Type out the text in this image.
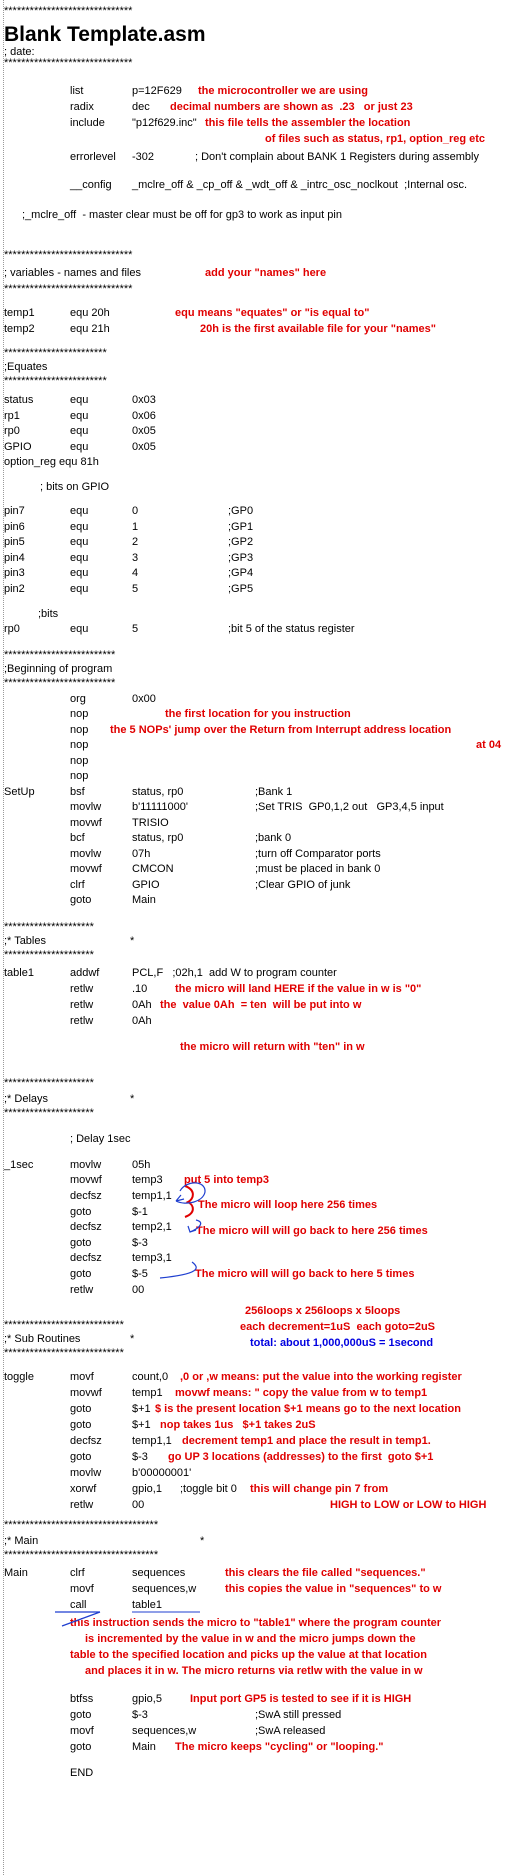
******************************
Blank Template.asm
; date:
******************************
list	p=12F629 the microcontroller we are using
radix	dec decimal numbers are shown as  .23   or just 23
include "p12f629.inc" this file tells the assembler the location
of files such as status, rp1, option_reg etc
errorlevel -302	; Don't complain about BANK 1 Registers during assembly
__config _mclre_off & _cp_off & _wdt_off & _intrc_osc_noclkout  ;Internal osc.
;_mclre_off  - master clear must be off for gp3 to work as input pin
******************************
; variables - names and files	add your "names" here
******************************
temp1	equ 20h	equ means "equates" or "is equal to"
temp2	equ 21h	20h is the first available file for your "names"
************************
;Equates
************************
status	equ	0x03
rp1	equ	0x06
rp0	equ	0x05
GPIO	equ	0x05
option_reg equ 81h
; bits on GPIO
pin7	equ	0	;GP0
pin6	equ	1	;GP1
pin5	equ	2	;GP2
pin4	equ	3	;GP3
pin3	equ	4	;GP4
pin2	equ	5	;GP5
;bits
rp0	equ	5	;bit 5 of the status register
**************************
;Beginning of program
**************************
org	0x00
nop	the first location for you instruction
nop the 5 NOPs' jump over the Return from Interrupt address location
nop	at 04
nop
nop
SetUp	bsf	status, rp0	;Bank 1
movlw	b'11111000'	;Set TRIS  GP0,1,2 out   GP3,4,5 input
movwf	TRISIO
bcf	status, rp0	;bank 0
movlw	07h	;turn off Comparator ports
movwf	CMCON	;must be placed in bank 0
clrf	GPIO	;Clear GPIO of junk
goto	Main
*********************
;* Tables	*
*********************
table1	addwf	PCL,F   ;02h,1  add W to program counter
retlw	.10	the micro will land HERE if the value in w is "0"
retlw	0Ah the  value 0Ah  = ten  will be put into w
retlw	0Ah
the micro will return with "ten" in w
*********************
;* Delays	*
*********************
; Delay 1sec
_1sec	movlw	05h
movwf	temp3 put 5 into temp3
decfsz	temp1,1
The micro will loop here 256 times
goto	$-1
decfsz	temp2,1 The micro will will go back to here 256 times
goto	$-3
decfsz	temp3,1
goto	$-5	The micro will will go back to here 5 times
retlw	00
256loops x 256loops x 5loops
****************************	each decrement=1uS  each goto=2uS
;* Sub Routines	*	total: about 1,000,000uS = 1second
****************************
toggle	movf	count,0 ,0 or ,w means: put the value into the working register
movwf	temp1 movwf means: " copy the value from w to temp1
goto	$+1 $ is the present location $+1 means go to the next location
goto	$+1 nop takes 1us   $+1 takes 2uS
decfsz	temp1,1 decrement temp1 and place the result in temp1.
goto	$-3 go UP 3 locations (addresses) to the first  goto $+1
movlw	b'00000001'
xorwf	gpio,1 ;toggle bit 0 this will change pin 7 from
retlw	00	HIGH to LOW or LOW to HIGH
************************************
;* Main	*
************************************
Main	clrf	sequences	this clears the file called "sequences."
movf	sequences,w	this copies the value in "sequences" to w
call	table1
this instruction sends the micro to "table1" where the program counter
is incremented by the value in w and the micro jumps down the
table to the specified location and picks up the value at that location
and places it in w. The micro returns via retlw with the value in w
btfss	gpio,5	Input port GP5 is tested to see if it is HIGH
goto	$-3	;SwA still pressed
movf	sequences,w	;SwA released
goto	Main The micro keeps "cycling" or "looping."
END
